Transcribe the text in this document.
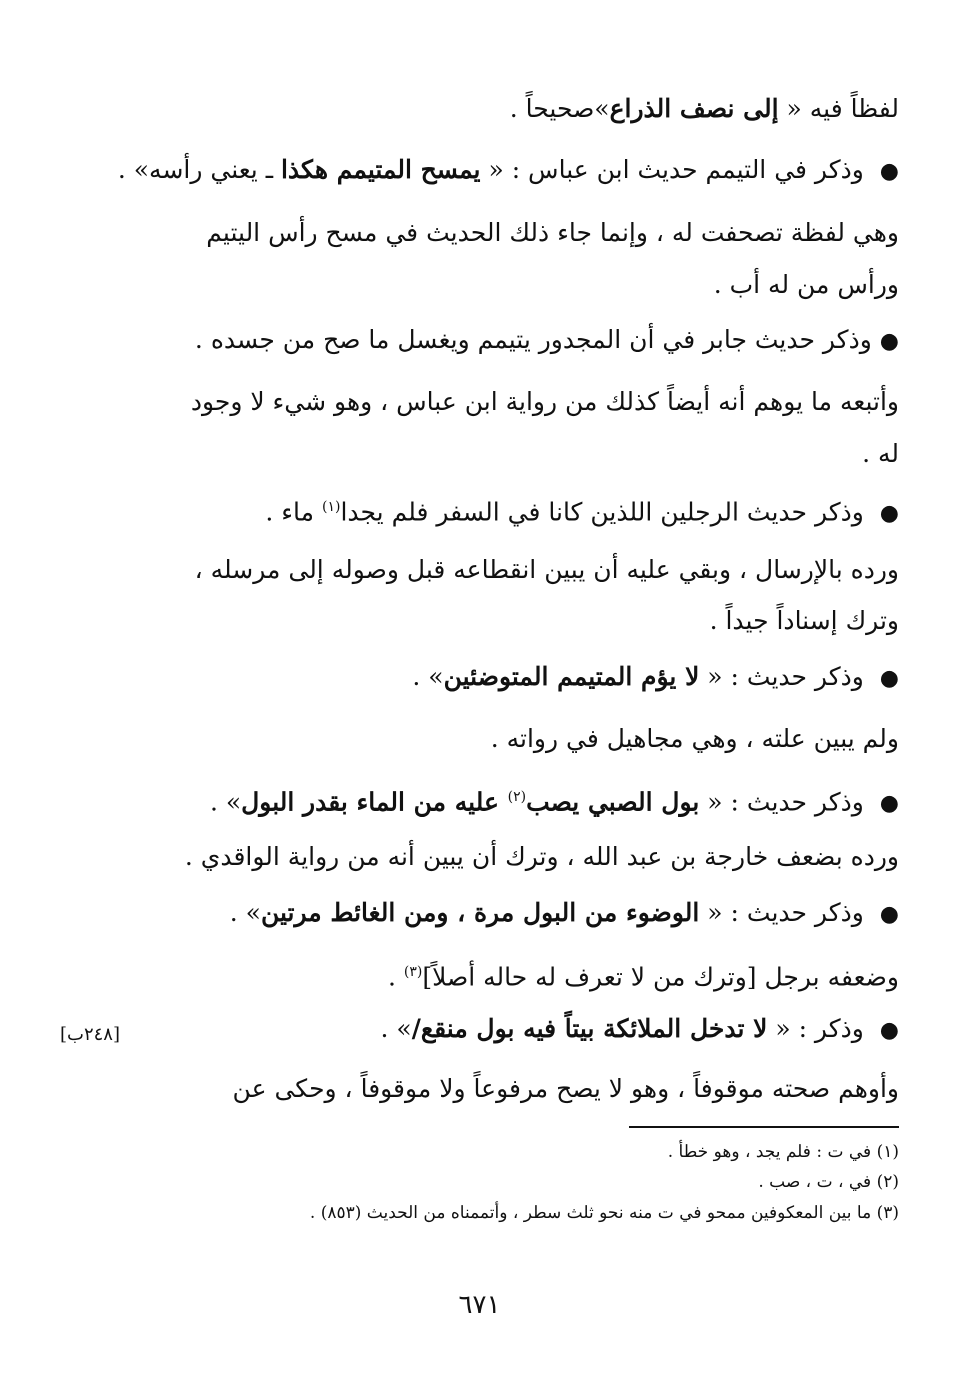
لفظاً فيه « إلى نصف الذراع»صحيحاً .
● وذكر في التيمم حديث ابن عباس : « يمسح المتيمم هكذا ـ يعني رأسه» .
وهي لفظة تصحفت له ، وإنما جاء ذلك الحديث في مسح رأس اليتيم
ورأس من له أب .
● وذكر حديث جابر في أن المجدور يتيمم ويغسل ما صح من جسده .
وأتبعه ما يوهم أنه أيضاً كذلك من رواية ابن عباس ، وهو شيء لا وجود
له .
● وذكر حديث الرجلين اللذين كانا في السفر فلم يجدا$^{(١)}$ ماء .
ورده بالإرسال ، وبقي عليه أن يبين انقطاعه قبل وصوله إلى مرسله ،
وترك إسناداً جيداً .
● وذكر حديث : « لا يؤم المتيمم المتوضئين» .
ولم يبين علته ، وهي مجاهيل في رواته .
● وذكر حديث : « بول الصبي يصب$^{(٢)}$ عليه من الماء بقدر البول» .
ورده بضعف خارجة بن عبد الله ، وترك أن يبين أنه من رواية الواقدي .
● وذكر حديث : « الوضوء من البول مرة ، ومن الغائط مرتين» .
وضعفه برجل [وترك من لا تعرف له حاله أصلاً]$^{(٣)}$ .
● وذكر : « لا تدخل الملائكة بيتاً فيه بول منقع/» .
وأوهم صحته موقوفاً ، وهو لا يصح مرفوعاً ولا موقوفاً ، وحكى عن
[٢٤٨ب]
(١) في ت : فلم يجد ، وهو خطأ .
(٢) في ، ت ، صب .
(٣) ما بين المعكوفين ممحو في ت منه نحو ثلث سطر ، وأتممناه من الحديث (٨٥٣) .
٦٧١
